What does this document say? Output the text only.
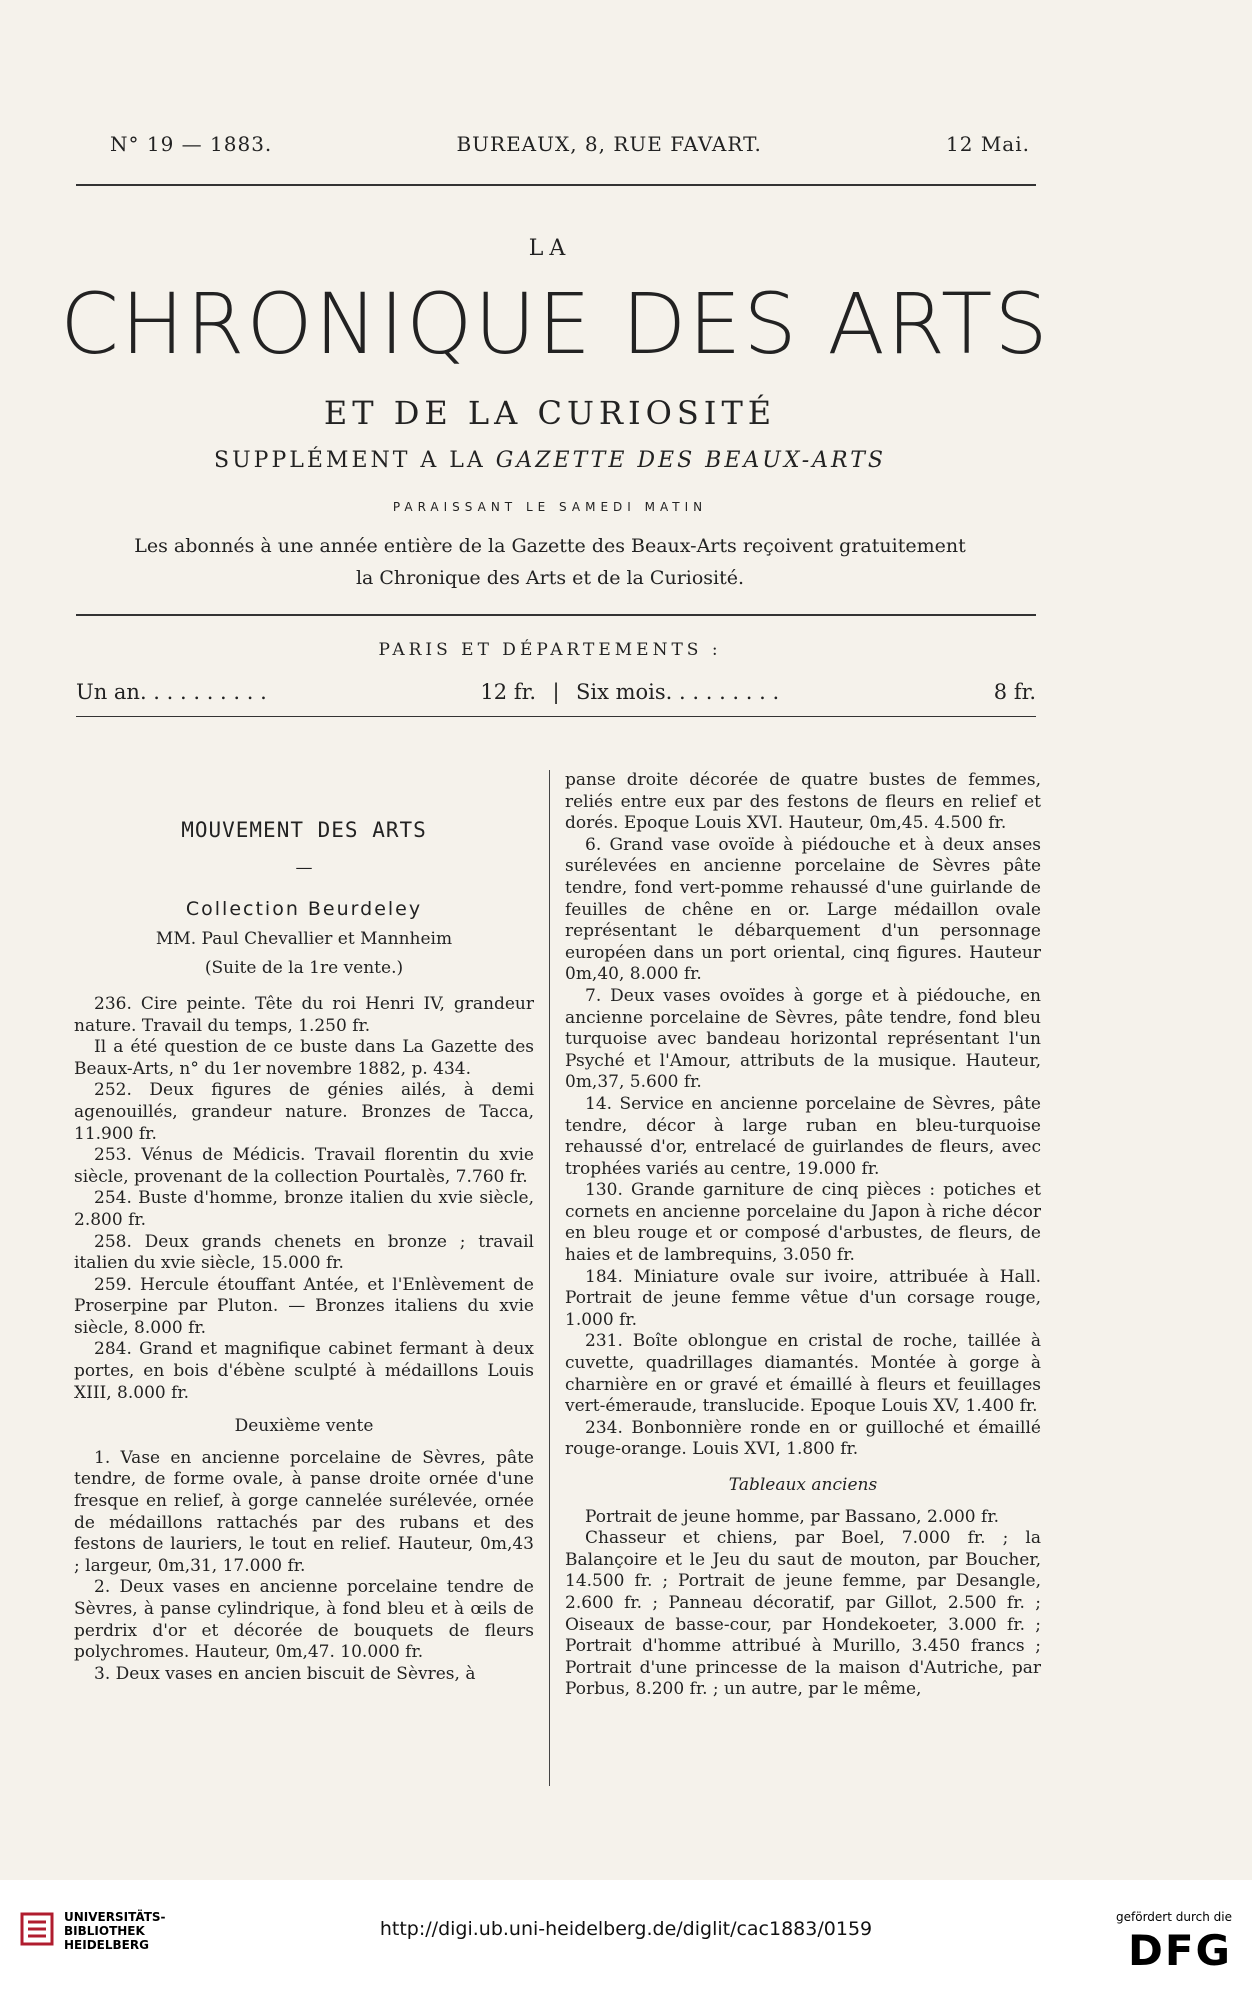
N° 19 — 1883.	BUREAUX, 8, RUE FAVART.	12 Mai.
LA
CHRONIQUE DES ARTS
ET DE LA CURIOSITÉ
SUPPLÉMENT A LA GAZETTE DES BEAUX-ARTS
PARAISSANT LE SAMEDI MATIN
Les abonnés à une année entière de la Gazette des Beaux-Arts reçoivent gratuitement
la Chronique des Arts et de la Curiosité.
PARIS ET DÉPARTEMENTS :
Un an. . . . . . . . . .	12 fr. | Six mois. . . . . . . . .	8 fr.
MOUVEMENT DES ARTS
—
Collection Beurdeley
MM. Paul Chevallier et Mannheim
(Suite de la 1re vente.)

236. Cire peinte. Tête du roi Henri IV, grandeur nature. Travail du temps, 1.250 fr.

Il a été question de ce buste dans La Gazette des Beaux-Arts, n° du 1er novembre 1882, p. 434.

252. Deux figures de génies ailés, à demi agenouillés, grandeur nature. Bronzes de Tacca, 11.900 fr.

253. Vénus de Médicis. Travail florentin du xvie siècle, provenant de la collection Pourtalès, 7.760 fr.

254. Buste d'homme, bronze italien du xvie siècle, 2.800 fr.

258. Deux grands chenets en bronze ; travail italien du xvie siècle, 15.000 fr.

259. Hercule étouffant Antée, et l'Enlèvement de Proserpine par Pluton. — Bronzes italiens du xvie siècle, 8.000 fr.

284. Grand et magnifique cabinet fermant à deux portes, en bois d'ébène sculpté à médaillons Louis XIII, 8.000 fr.

Deuxième vente

1. Vase en ancienne porcelaine de Sèvres, pâte tendre, de forme ovale, à panse droite ornée d'une fresque en relief, à gorge cannelée surélevée, ornée de médaillons rattachés par des rubans et des festons de lauriers, le tout en relief. Hauteur, 0m,43 ; largeur, 0m,31, 17.000 fr.

2. Deux vases en ancienne porcelaine tendre de Sèvres, à panse cylindrique, à fond bleu et à œils de perdrix d'or et décorée de bouquets de fleurs polychromes. Hauteur, 0m,47. 10.000 fr.

3. Deux vases en ancien biscuit de Sèvres, à

panse droite décorée de quatre bustes de femmes, reliés entre eux par des festons de fleurs en relief et dorés. Epoque Louis XVI. Hauteur, 0m,45. 4.500 fr.

6. Grand vase ovoïde à piédouche et à deux anses surélevées en ancienne porcelaine de Sèvres pâte tendre, fond vert-pomme rehaussé d'une guirlande de feuilles de chêne en or. Large médaillon ovale représentant le débarquement d'un personnage européen dans un port oriental, cinq figures. Hauteur 0m,40, 8.000 fr.

7. Deux vases ovoïdes à gorge et à piédouche, en ancienne porcelaine de Sèvres, pâte tendre, fond bleu turquoise avec bandeau horizontal représentant l'un Psyché et l'Amour, attributs de la musique. Hauteur, 0m,37, 5.600 fr.

14. Service en ancienne porcelaine de Sèvres, pâte tendre, décor à large ruban en bleu-turquoise rehaussé d'or, entrelacé de guirlandes de fleurs, avec trophées variés au centre, 19.000 fr.

130. Grande garniture de cinq pièces : potiches et cornets en ancienne porcelaine du Japon à riche décor en bleu rouge et or composé d'arbustes, de fleurs, de haies et de lambrequins, 3.050 fr.

184. Miniature ovale sur ivoire, attribuée à Hall. Portrait de jeune femme vêtue d'un corsage rouge, 1.000 fr.

231. Boîte oblongue en cristal de roche, taillée à cuvette, quadrillages diamantés. Montée à gorge à charnière en or gravé et émaillé à fleurs et feuillages vert-émeraude, translucide. Epoque Louis XV, 1.400 fr.

234. Bonbonnière ronde en or guilloché et émaillé rouge-orange. Louis XVI, 1.800 fr.

Tableaux anciens

Portrait de jeune homme, par Bassano, 2.000 fr.

Chasseur et chiens, par Boel, 7.000 fr. ; la Balançoire et le Jeu du saut de mouton, par Boucher, 14.500 fr. ; Portrait de jeune femme, par Desangle, 2.600 fr. ; Panneau décoratif, par Gillot, 2.500 fr. ; Oiseaux de basse-cour, par Hondekoeter, 3.000 fr. ; Portrait d'homme attribué à Murillo, 3.450 francs ; Portrait d'une princesse de la maison d'Autriche, par Porbus, 8.200 fr. ; un autre, par le même,

UNIVERSITÄTS-
BIBLIOTHEK
HEIDELBERG
http://digi.ub.uni-heidelberg.de/diglit/cac1883/0159
gefördert durch die
DFG
